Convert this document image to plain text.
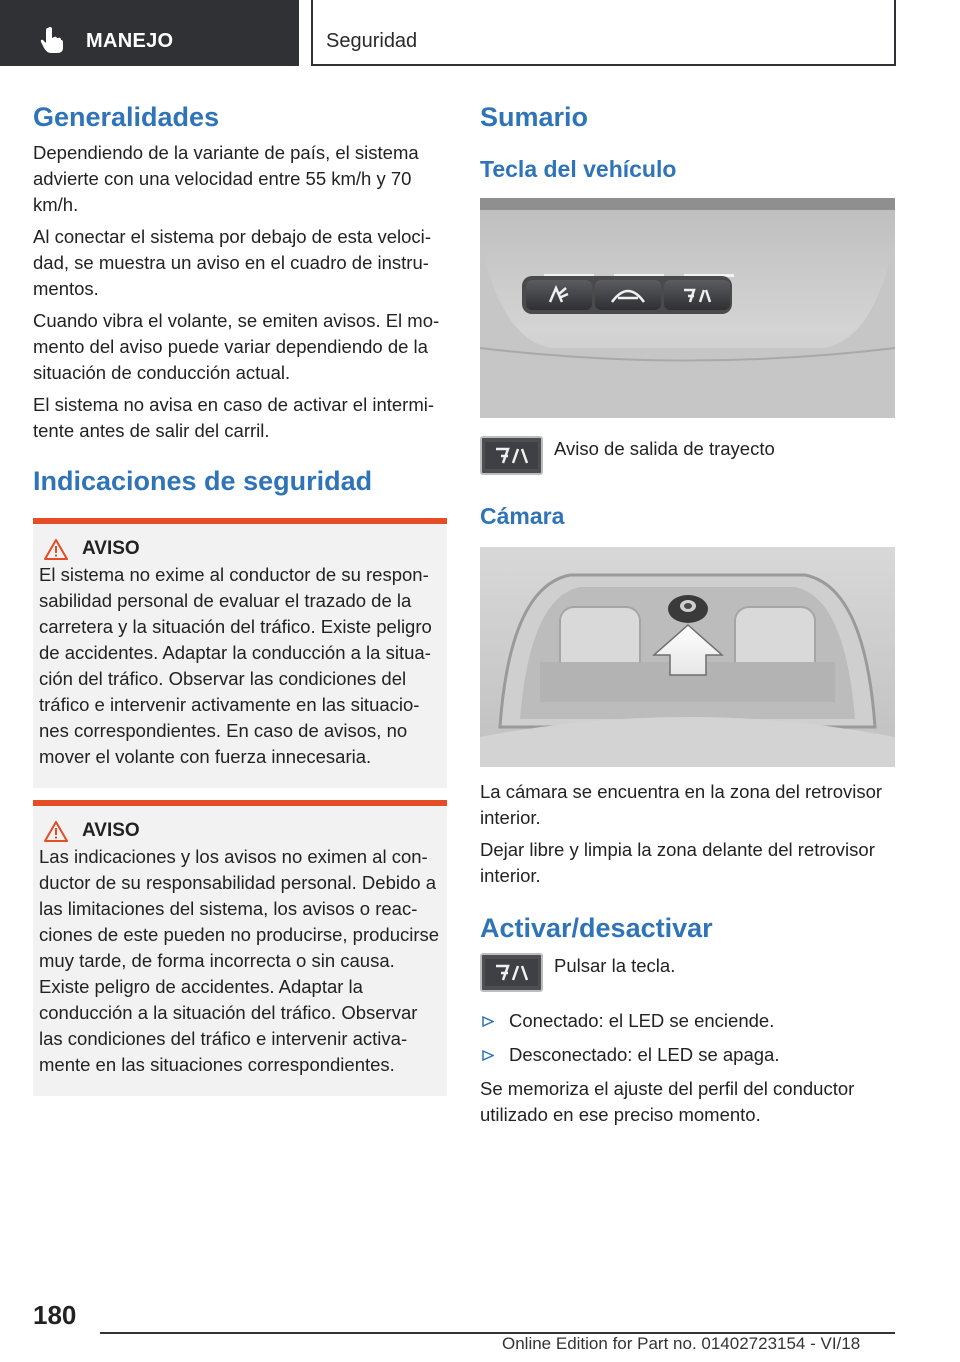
MANEJO	Seguridad
Generalidades

Dependiendo de la variante de país, el sistema advierte con una velocidad entre 55 km/h y 70 km/h.

Al conectar el sistema por debajo de esta velocidad, se muestra un aviso en el cuadro de instrumentos.

Cuando vibra el volante, se emiten avisos. El momento del aviso puede variar dependiendo de la situación de conducción actual.

El sistema no avisa en caso de activar el intermitente antes de salir del carril.

Indicaciones de seguridad
AVISO

El sistema no exime al conductor de su responsabilidad personal de evaluar el trazado de la carretera y la situación del tráfico. Existe peligro de accidentes. Adaptar la conducción a la situación del tráfico. Observar las condiciones del tráfico e intervenir activamente en las situaciones correspondientes. En caso de avisos, no mover el volante con fuerza innecesaria.

AVISO

Las indicaciones y los avisos no eximen al conductor de su responsabilidad personal. Debido a las limitaciones del sistema, los avisos o reacciones de este pueden no producirse, producirse muy tarde, de forma incorrecta o sin causa. Existe peligro de accidentes. Adaptar la conducción a la situación del tráfico. Observar las condiciones del tráfico e intervenir activamente en las situaciones correspondientes.

Sumario
Tecla del vehículo
Aviso de salida de trayecto
Cámara

La cámara se encuentra en la zona del retrovisor interior.

Dejar libre y limpia la zona delante del retrovisor interior.

Activar/desactivar
Pulsar la tecla.
Conectado: el LED se enciende.
Desconectado: el LED se apaga.

Se memoriza el ajuste del perfil del conductor utilizado en ese preciso momento.

180
Online Edition for Part no. 01402723154 - VI/18
